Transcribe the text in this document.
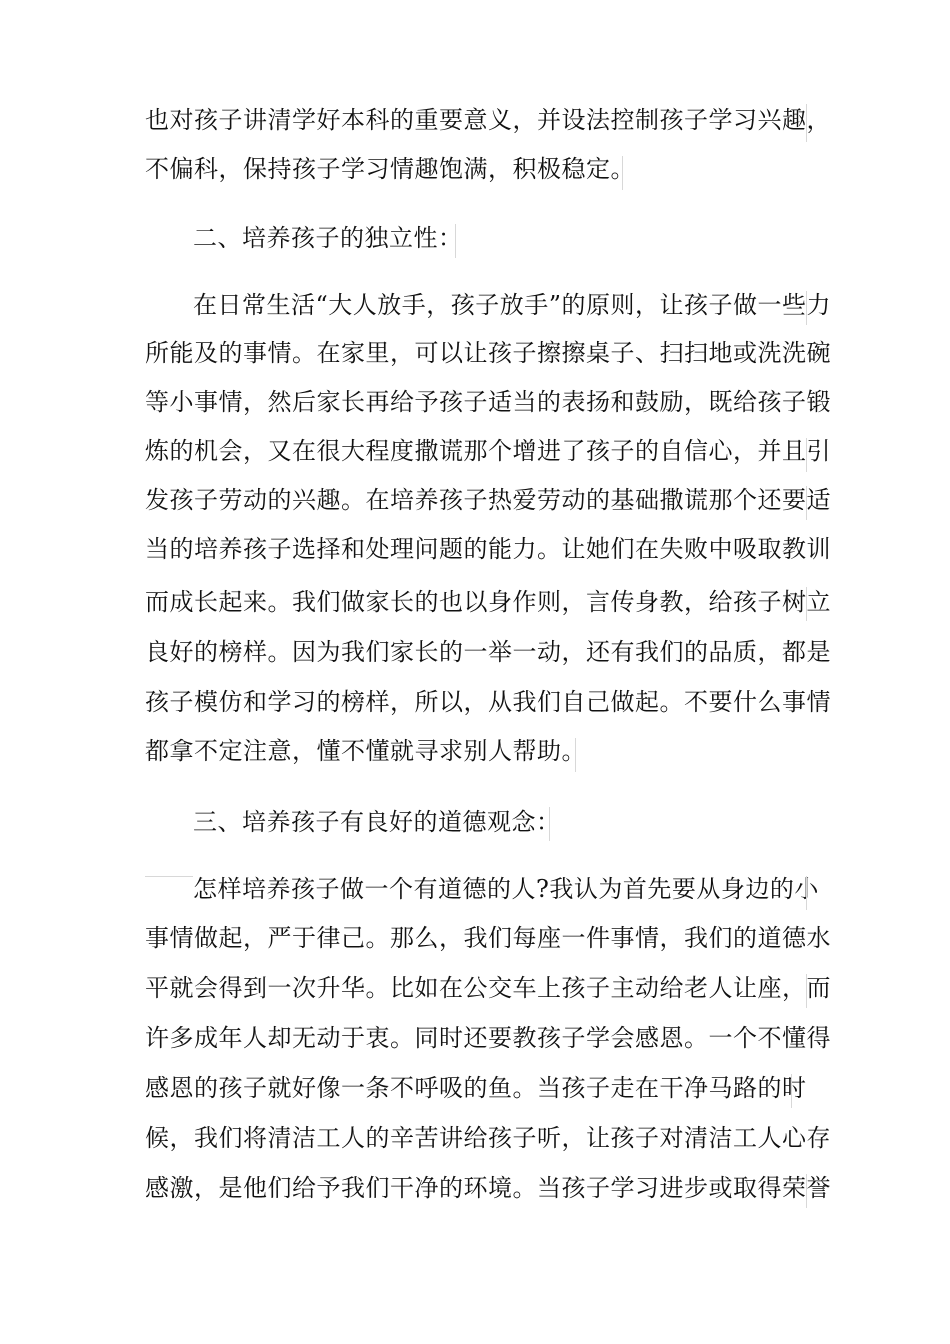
也对孩子讲清学好本科的重要意义，并设法控制孩子学习兴趣，
不偏科，保持孩子学习情趣饱满，积极稳定。
二、培养孩子的独立性：
在日常生活“大人放手，孩子放手”的原则，让孩子做一些力
所能及的事情。在家里，可以让孩子擦擦桌子、扫扫地或洗洗碗
等小事情，然后家长再给予孩子适当的表扬和鼓励，既给孩子锻
炼的机会，又在很大程度撒谎那个增进了孩子的自信心，并且引
发孩子劳动的兴趣。在培养孩子热爱劳动的基础撒谎那个还要适
当的培养孩子选择和处理问题的能力。让她们在失败中吸取教训
而成长起来。我们做家长的也以身作则，言传身教，给孩子树立
良好的榜样。因为我们家长的一举一动，还有我们的品质，都是
孩子模仿和学习的榜样，所以，从我们自己做起。不要什么事情
都拿不定注意，懂不懂就寻求别人帮助。
三、培养孩子有良好的道德观念：
怎样培养孩子做一个有道德的人?我认为首先要从身边的小
事情做起，严于律己。那么，我们每座一件事情，我们的道德水
平就会得到一次升华。比如在公交车上孩子主动给老人让座，而
许多成年人却无动于衷。同时还要教孩子学会感恩。一个不懂得
感恩的孩子就好像一条不呼吸的鱼。当孩子走在干净马路的时
候，我们将清洁工人的辛苦讲给孩子听，让孩子对清洁工人心存
感激，是他们给予我们干净的环境。当孩子学习进步或取得荣誉
